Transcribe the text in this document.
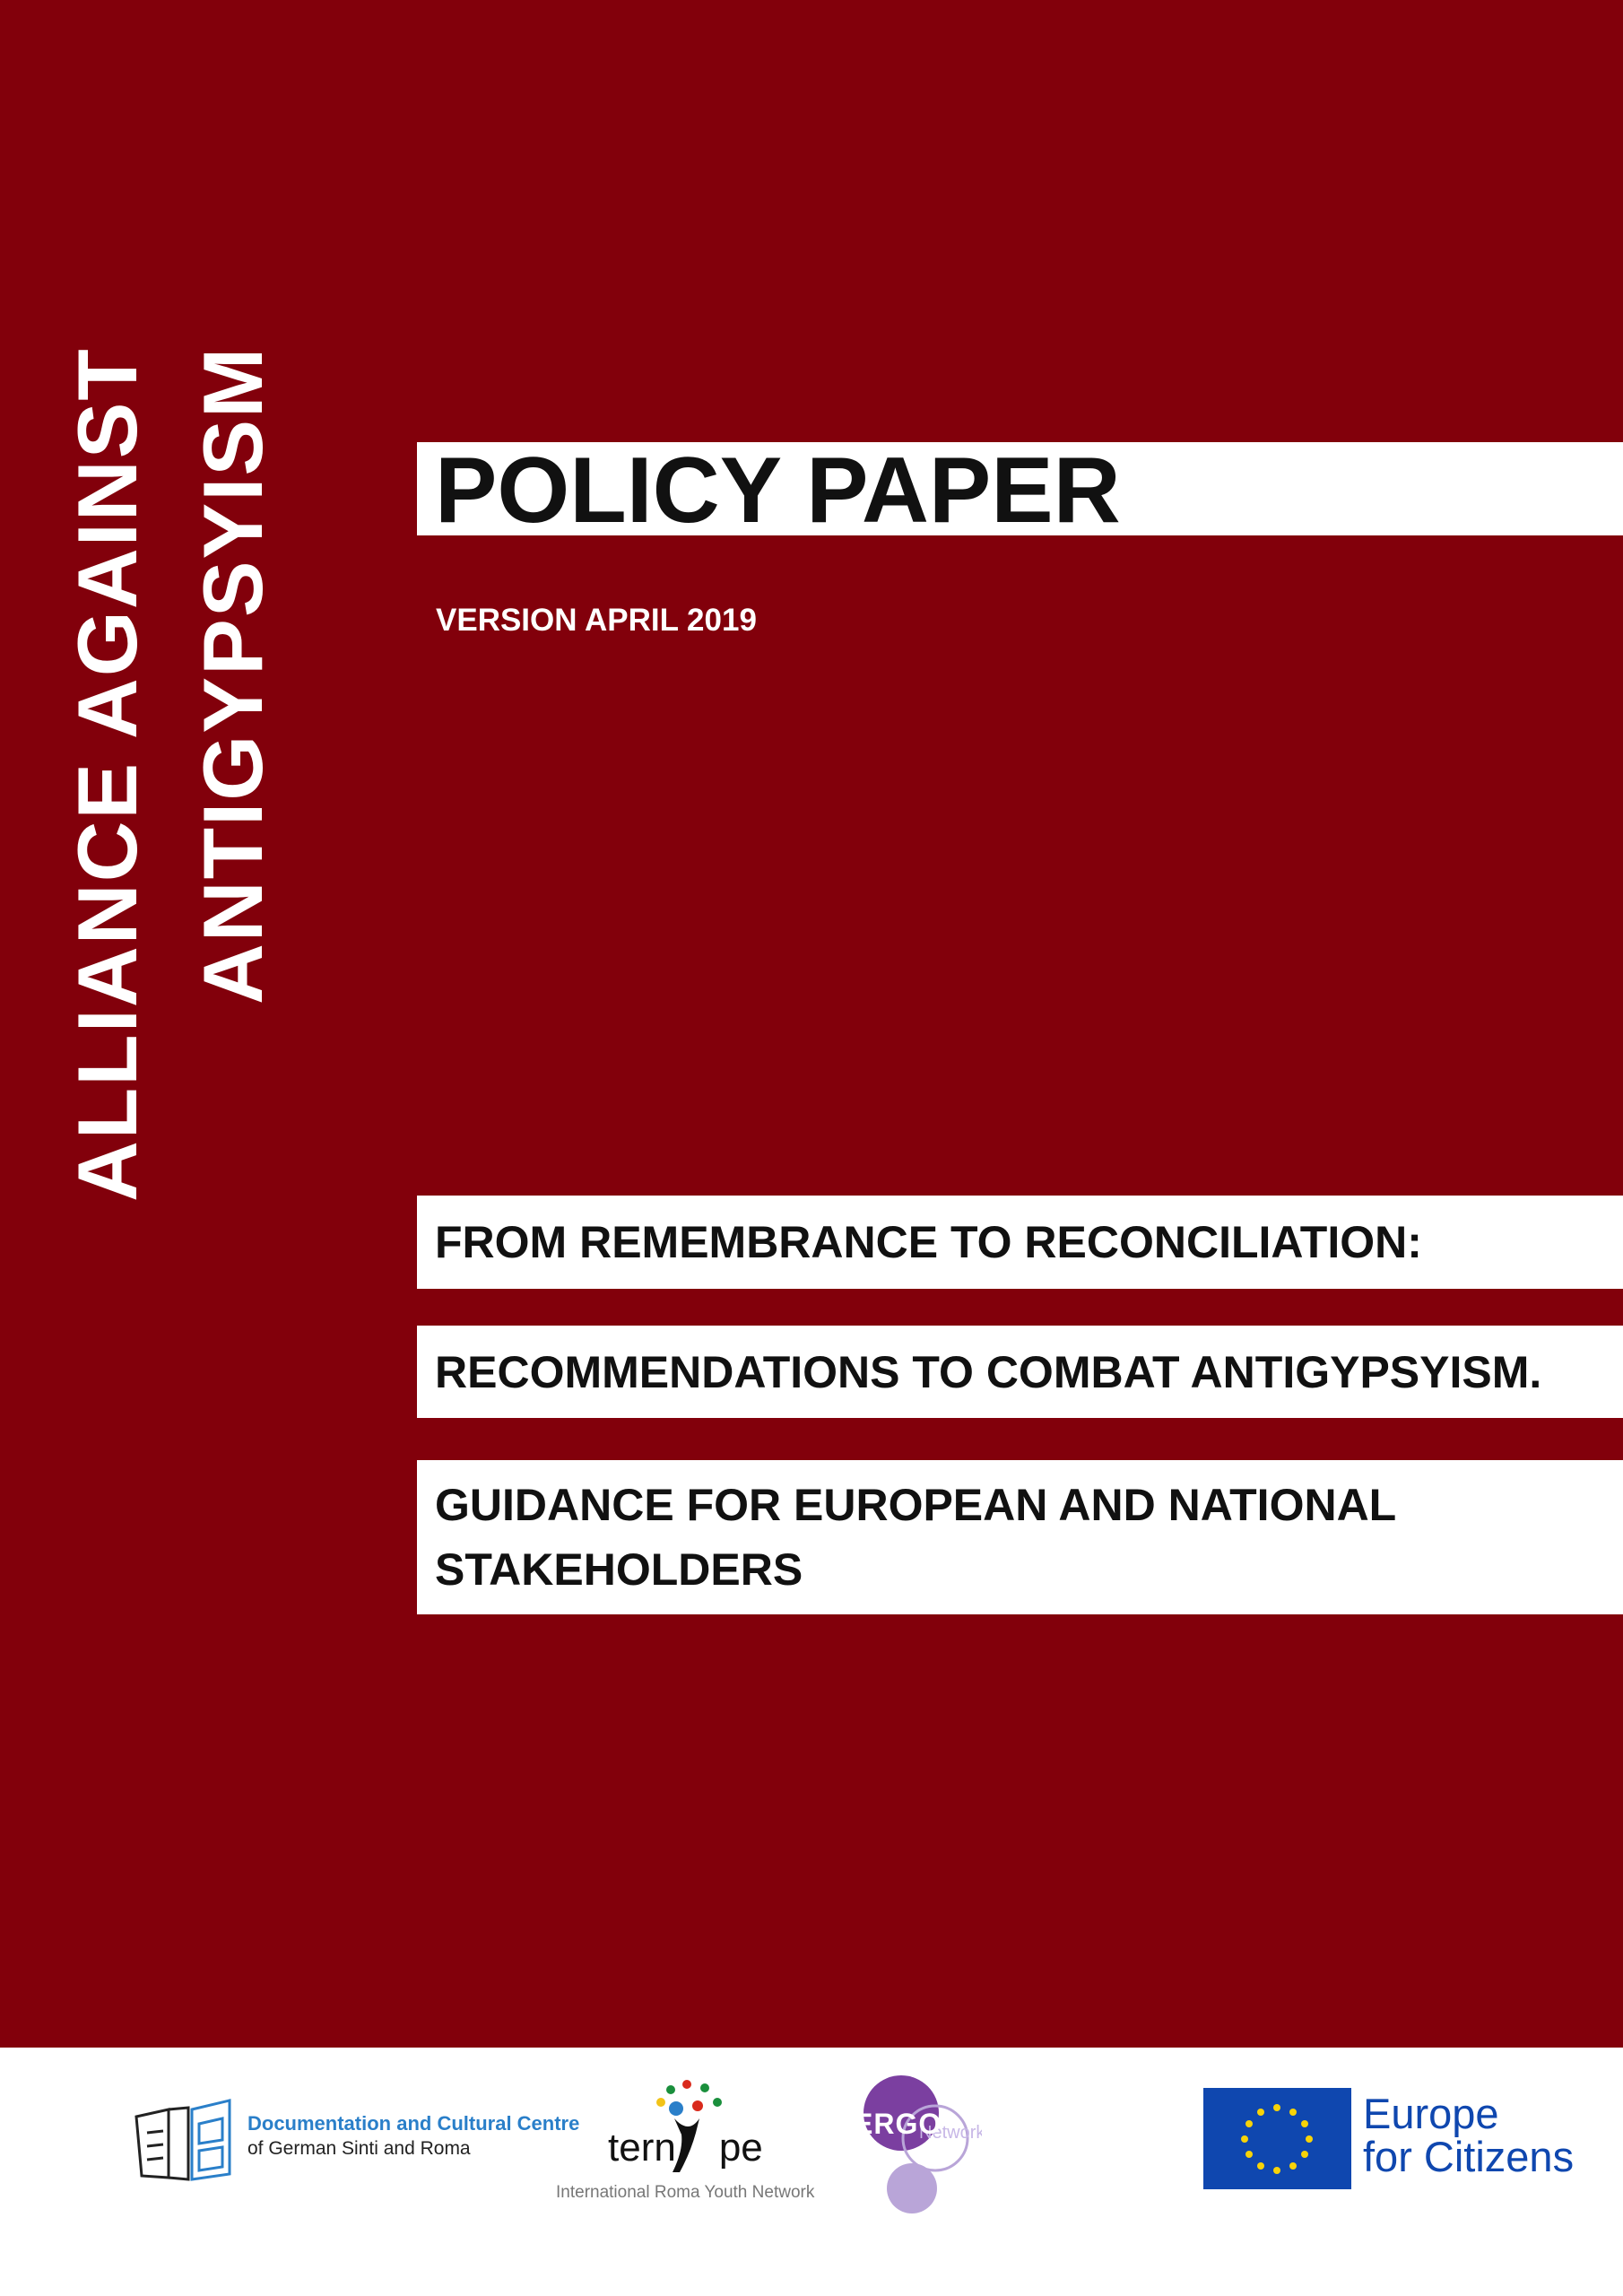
ALLIANCE AGAINST ANTIGYPSYISM POLICY PAPER
VERSION APRIL 2019
FROM REMEMBRANCE TO RECONCILIATION:
RECOMMENDATIONS TO COMBAT ANTIGYPSYISM.
GUIDANCE FOR EUROPEAN AND NATIONAL
STAKEHOLDERS
Documentation and Cultural Centre
of German Sinti and Roma	tern pe
International Roma Youth Network
Network
ERGO	Europe
for Citizens
